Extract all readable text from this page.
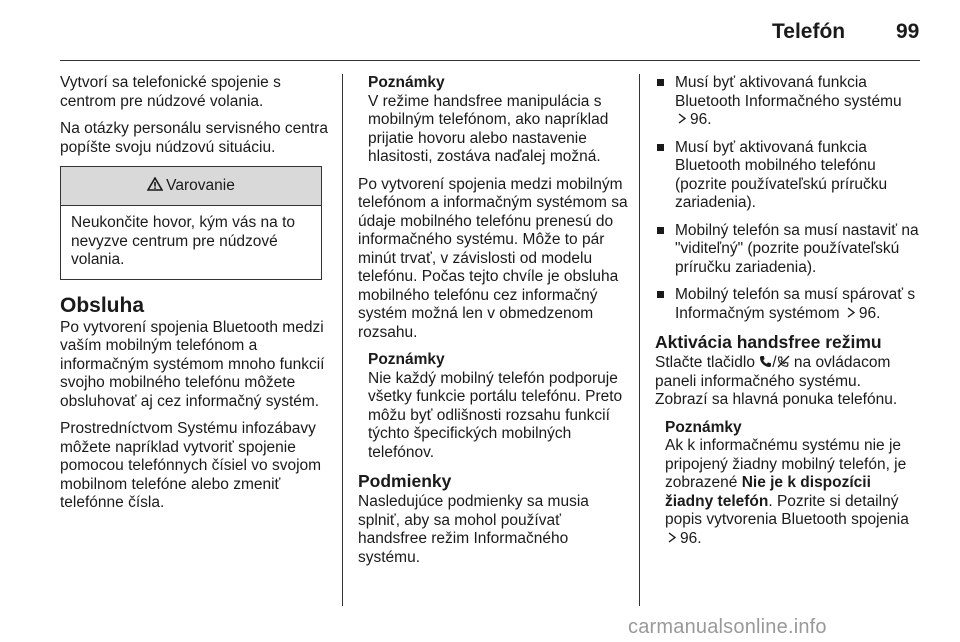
Telefón 99

Vytvorí sa telefonické spojenie s centrom pre núdzové volania.

Na otázky personálu servisného centra popíšte svoju núdzovú situáciu.

Varovanie
Neukončite hovor, kým vás na to nevyzve centrum pre núdzové volania.
Obsluha

Po vytvorení spojenia Bluetooth medzi vaším mobilným telefónom a informačným systémom mnoho funkcií svojho mobilného telefónu môžete obsluhovať aj cez informačný systém.

Prostredníctvom Systému infozábavy môžete napríklad vytvoriť spojenie pomocou telefónnych čísiel vo svojom mobilnom telefóne alebo zmeniť telefónne čísla.

Poznámky
V režime handsfree manipulácia s mobilným telefónom, ako napríklad prijatie hovoru alebo nastavenie hlasitosti, zostáva naďalej možná.

Po vytvorení spojenia medzi mobilným telefónom a informačným systémom sa údaje mobilného telefónu prenesú do informačného systému. Môže to pár minút trvať, v závislosti od modelu telefónu. Počas tejto chvíle je obsluha mobilného telefónu cez informačný systém možná len v obmedzenom rozsahu.

Poznámky
Nie každý mobilný telefón podporuje všetky funkcie portálu telefónu. Preto môžu byť odlišnosti rozsahu funkcií týchto špecifických mobilných telefónov.
Podmienky

Nasledujúce podmienky sa musia splniť, aby sa mohol používať handsfree režim Informačného systému.

Musí byť aktivovaná funkcia Bluetooth Informačného systému
96.
Musí byť aktivovaná funkcia Bluetooth mobilného telefónu (pozrite používateľskú príručku zariadenia).
Mobilný telefón sa musí nastaviť na "viditeľný" (pozrite používateľskú príručku zariadenia).
Mobilný telefón sa musí spárovať s Informačným systémom 96.
Aktivácia handsfree režimu

Stlačte tlačidlo / na ovládacom paneli informačného systému.
Zobrazí sa hlavná ponuka telefónu.

Poznámky
Ak k informačnému systému nie je pripojený žiadny mobilný telefón, je zobrazené Nie je k dispozícii žiadny telefón. Pozrite si detailný popis vytvorenia Bluetooth spojenia 96.
carmanualsonline.info
